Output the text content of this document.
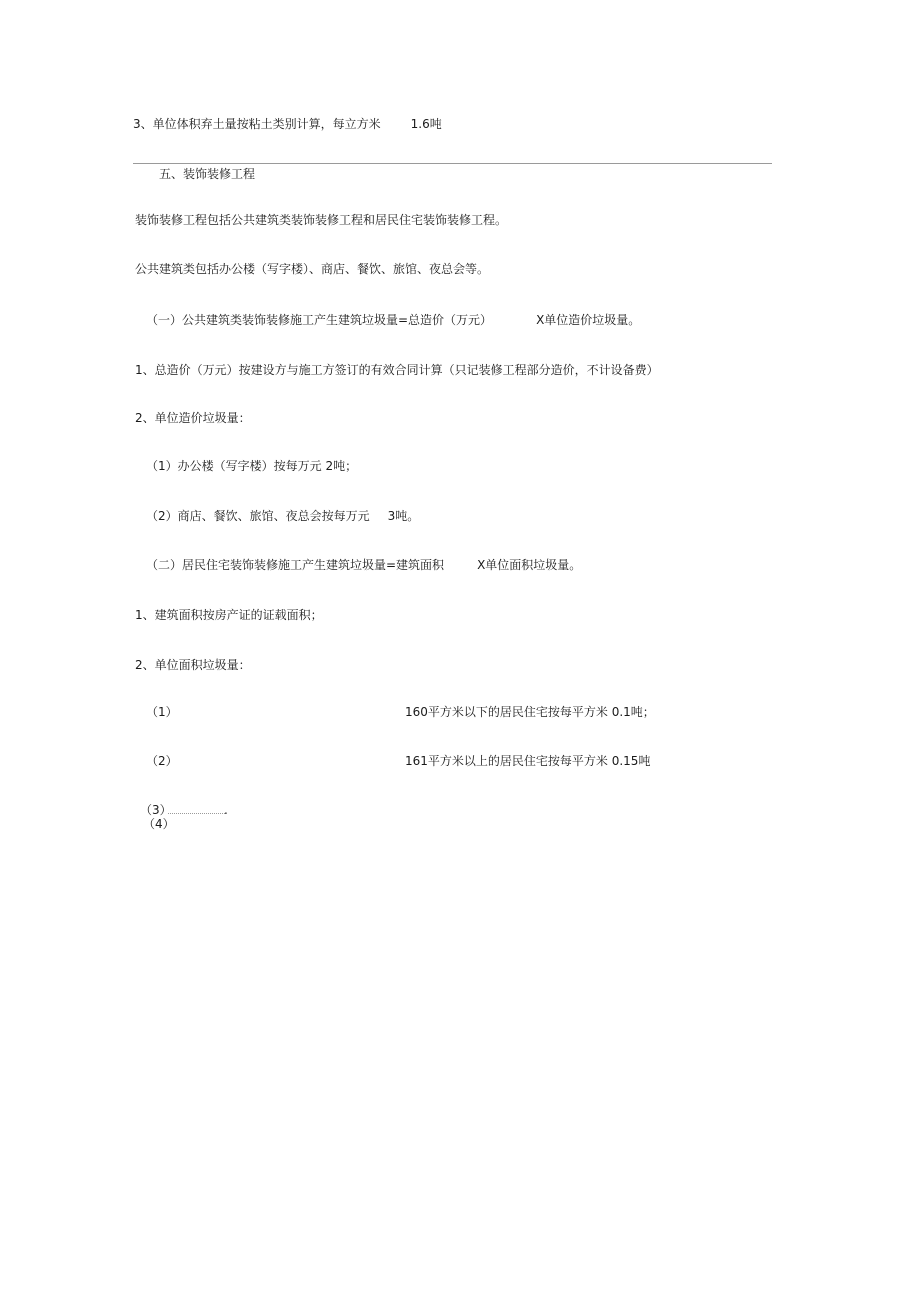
3、单位体积弃土量按粘土类别计算，每立方米	1.6吨
五、装饰装修工程
装饰装修工程包括公共建筑类装饰装修工程和居民住宅装饰装修工程。
公共建筑类包括办公楼（写字楼）、商店、餐饮、旅馆、夜总会等。
（一）公共建筑类装饰装修施工产生建筑垃圾量=总造价（万元）	X单位造价垃圾量。
1、总造价（万元）按建设方与施工方签订的有效合同计算（只记装修工程部分造价，不计设备费）
2、单位造价垃圾量：
（1）办公楼（写字楼）按每万元 2吨；
（2）商店、餐饮、旅馆、夜总会按每万元 3吨。
（二）居民住宅装饰装修施工产生建筑垃圾量=建筑面积	X单位面积垃圾量。
1、建筑面积按房产证的证载面积；
2、单位面积垃圾量：
（1）	160平方米以下的居民住宅按每平方米 0.1吨；
（2）	161平方米以上的居民住宅按每平方米 0.15吨
（3）	.
（4）
